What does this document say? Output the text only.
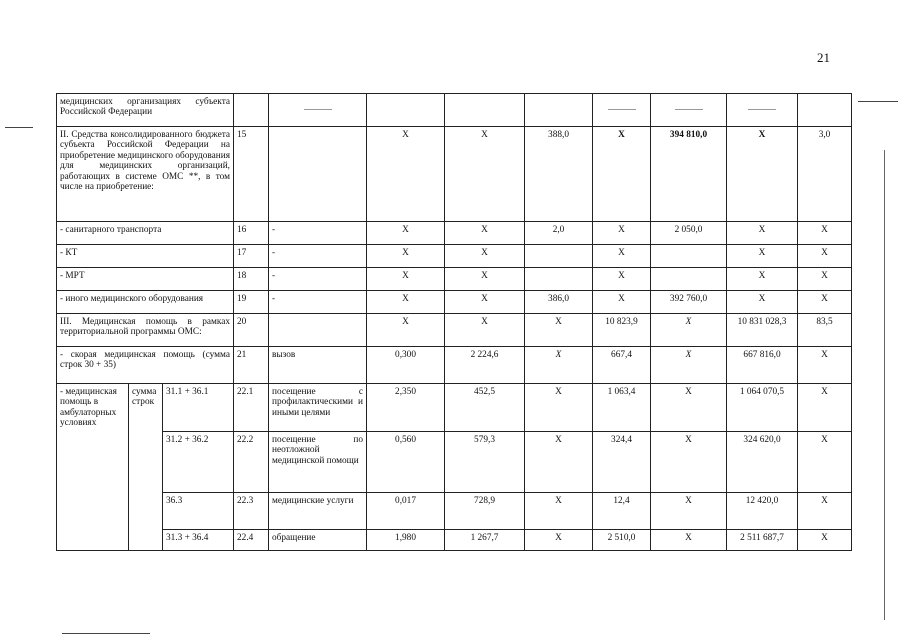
21
медицинских организациях субъекта Российской Федерации				

II. Средства консолидированного бюджета субъекта Российской Федерации на приобретение медицинского оборудования для медицинских организаций, работающих в системе ОМС **, в том числе на приобретение:			15		Х	Х	388,0	Х	394 810,0	Х	3,0
- санитарного транспорта			16	-	Х	Х	2,0	Х	2 050,0	Х	Х
- КТ			17	-	Х	Х		Х		Х	Х
- МРТ			18	-	Х	Х		Х		Х	Х
- иного медицинского оборудования			19	-	Х	Х	386,0	Х	392 760,0	Х	Х
III. Медицинская помощь в рамках территориальной программы ОМС:			20		Х	Х	Х	10 823,9	Х	10 831 028,3	83,5
- скорая медицинская помощь (сумма строк 30 + 35)			21	вызов	0,300	2 224,6	Х	667,4	Х	667 816,0	Х
- медицинская помощь в амбулаторных условиях	сумма строк	31.1 + 36.1	22.1	посещение с профилактическими и иными целями	2,350	452,5	Х	1 063,4	Х	1 064 070,5	Х
		31.2 + 36.2	22.2	посещение по неотложной медицинской помощи	0,560	579,3	Х	324,4	Х	324 620,0	Х
		36.3	22.3	медицинские услуги	0,017	728,9	Х	12,4	Х	12 420,0	Х
		31.3 + 36.4	22.4	обращение	1,980	1 267,7	Х	2 510,0	Х	2 511 687,7	Х
